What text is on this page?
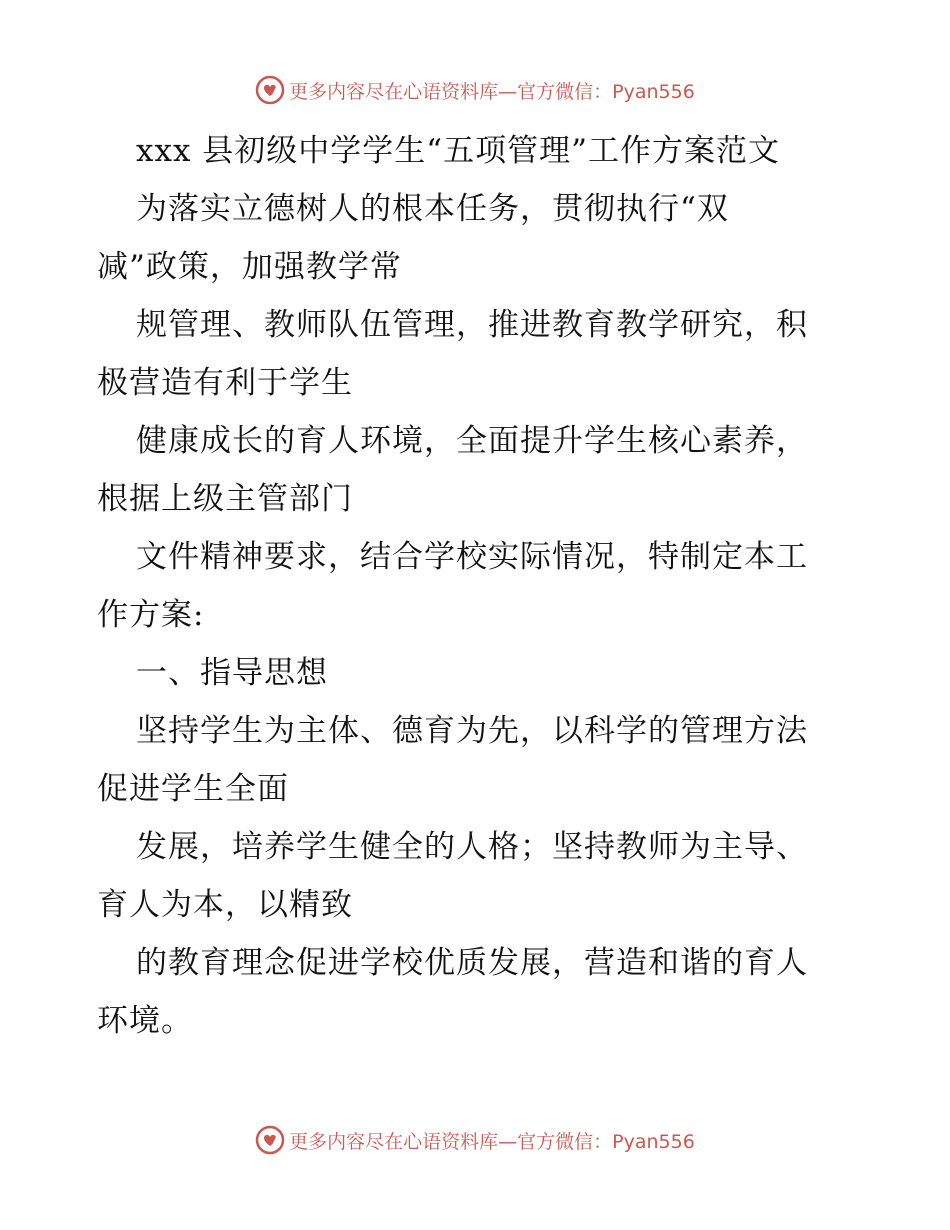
更多内容尽在心语资料库—官方微信：Pyan556
xxx 县初级中学学生“五项管理”工作方案范文
为落实立德树人的根本任务，贯彻执行“双
减”政策，加强教学常
规管理、教师队伍管理，推进教育教学研究，积
极营造有利于学生
健康成长的育人环境，全面提升学生核心素养，
根据上级主管部门
文件精神要求，结合学校实际情况，特制定本工
作方案:
一、指导思想
坚持学生为主体、德育为先，以科学的管理方法
促进学生全面
发展，培养学生健全的人格；坚持教师为主导、
育人为本，以精致
的教育理念促进学校优质发展，营造和谐的育人
环境。
更多内容尽在心语资料库—官方微信：Pyan556
